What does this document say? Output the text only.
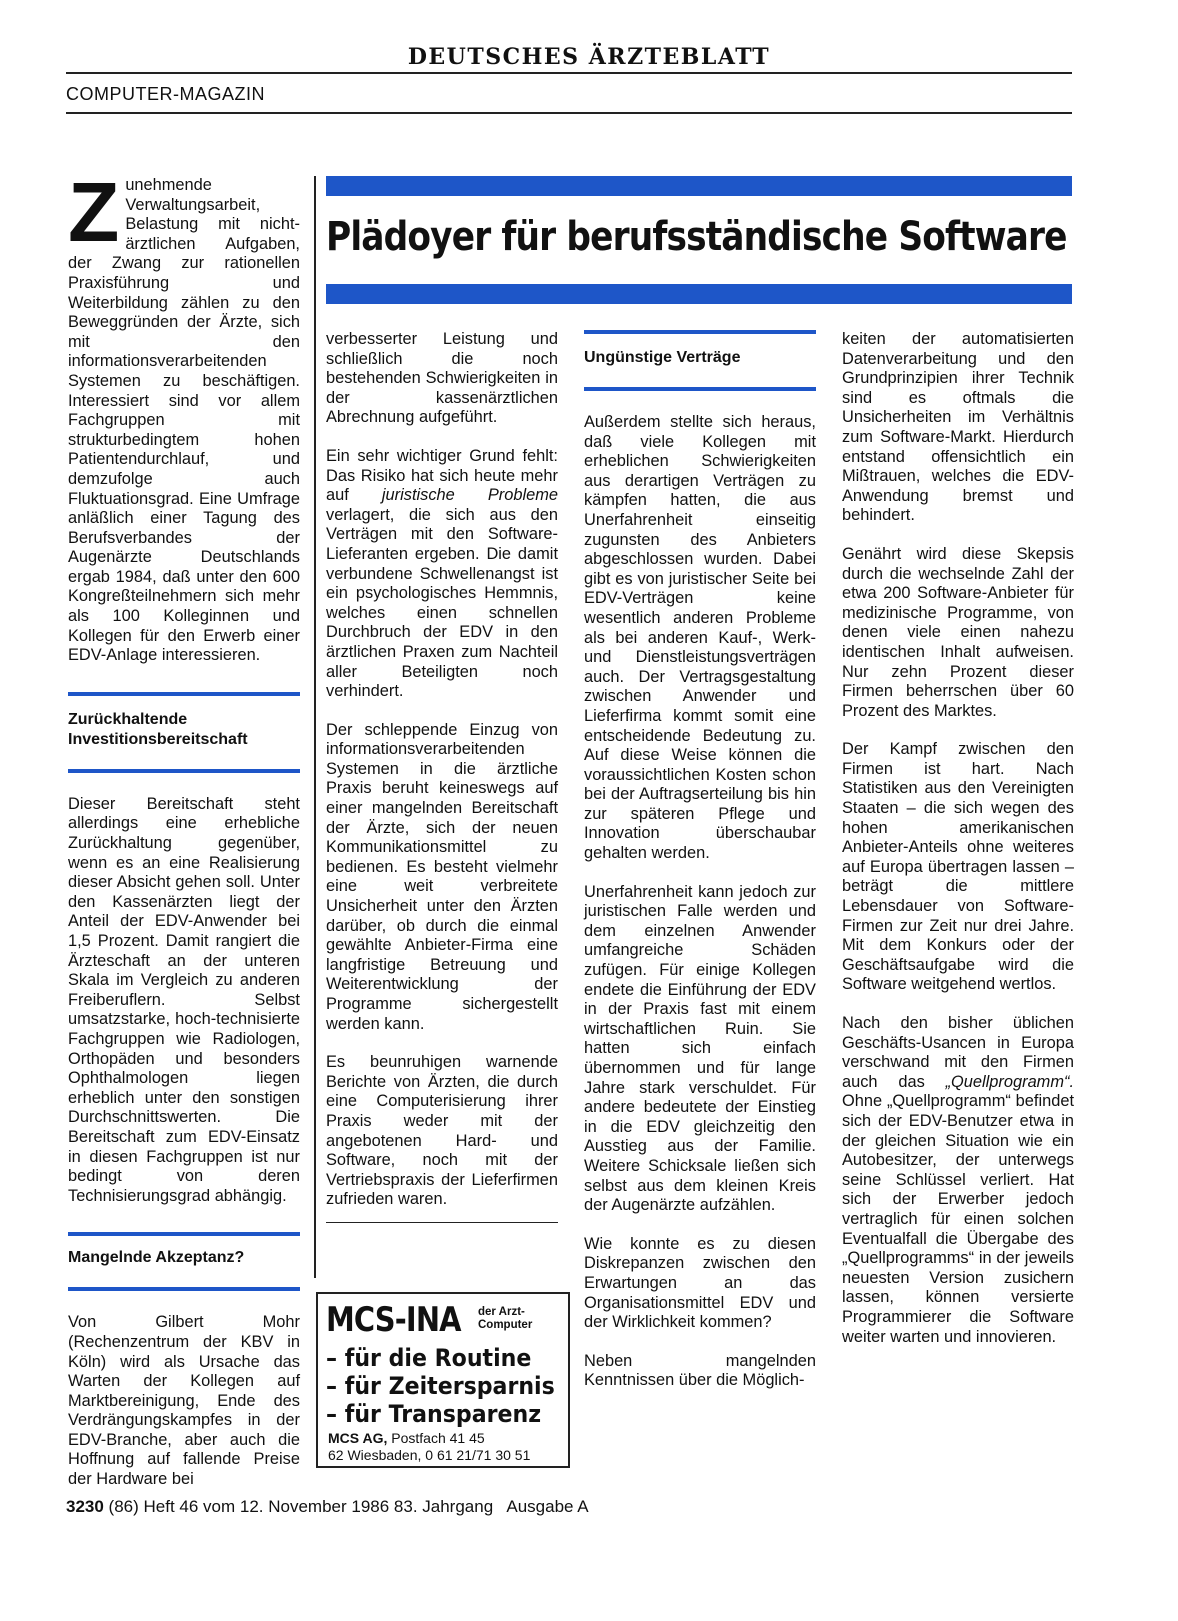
DEUTSCHES ÄRZTEBLATT
COMPUTER-MAGAZIN

Zunehmende Verwaltungsarbeit, Belastung mit nicht-ärztlichen Aufgaben, der Zwang zur rationellen Praxisführung und Weiterbildung zählen zu den Beweggründen der Ärzte, sich mit den informationsverarbeitenden Systemen zu beschäftigen. Interessiert sind vor allem Fachgruppen mit strukturbedingtem hohen Patientendurchlauf, und demzufolge auch Fluktuationsgrad. Eine Umfrage anläßlich einer Tagung des Berufsverbandes der Augenärzte Deutschlands ergab 1984, daß unter den 600 Kongreßteilnehmern sich mehr als 100 Kolleginnen und Kollegen für den Erwerb einer EDV-Anlage interessieren.

Zurückhaltende Investitionsbereitschaft

Dieser Bereitschaft steht allerdings eine erhebliche Zurückhaltung gegenüber, wenn es an eine Realisierung dieser Absicht gehen soll. Unter den Kassenärzten liegt der Anteil der EDV-Anwender bei 1,5 Prozent. Damit rangiert die Ärzteschaft an der unteren Skala im Vergleich zu anderen Freiberuflern. Selbst umsatzstarke, hoch-technisierte Fachgruppen wie Radiologen, Orthopäden und besonders Ophthalmologen liegen erheblich unter den sonstigen Durchschnittswerten. Die Bereitschaft zum EDV-Einsatz in diesen Fachgruppen ist nur bedingt von deren Technisierungsgrad abhängig.

Mangelnde Akzeptanz?

Von Gilbert Mohr (Rechenzentrum der KBV in Köln) wird als Ursache das Warten der Kollegen auf Marktbereinigung, Ende des Verdrängungskampfes in der EDV-Branche, aber auch die Hoffnung auf fallende Preise der Hardware bei

Plädoyer für berufsständische Software

verbesserter Leistung und schließlich die noch bestehenden Schwierigkeiten in der kassenärztlichen Abrechnung aufgeführt.

Ein sehr wichtiger Grund fehlt: Das Risiko hat sich heute mehr auf juristische Probleme verlagert, die sich aus den Verträgen mit den Software-Lieferanten ergeben. Die damit verbundene Schwellenangst ist ein psychologisches Hemmnis, welches einen schnellen Durchbruch der EDV in den ärztlichen Praxen zum Nachteil aller Beteiligten noch verhindert.

Der schleppende Einzug von informationsverarbeitenden Systemen in die ärztliche Praxis beruht keineswegs auf einer mangelnden Bereitschaft der Ärzte, sich der neuen Kommunikationsmittel zu bedienen. Es besteht vielmehr eine weit verbreitete Unsicherheit unter den Ärzten darüber, ob durch die einmal gewählte Anbieter-Firma eine langfristige Betreuung und Weiterentwicklung der Programme sichergestellt werden kann.

Es beunruhigen warnende Berichte von Ärzten, die durch eine Computerisierung ihrer Praxis weder mit der angebotenen Hard- und Software, noch mit der Vertriebspraxis der Lieferfirmen zufrieden waren.

MCS-INA der Arzt-
Computer
– für die Routine
– für Zeitersparnis
– für Transparenz
MCS AG, Postfach 41 45
62 Wiesbaden, 0 61 21/71 30 51

Ungünstige Verträge

Außerdem stellte sich heraus, daß viele Kollegen mit erheblichen Schwierigkeiten aus derartigen Verträgen zu kämpfen hatten, die aus Unerfahrenheit einseitig zugunsten des Anbieters abgeschlossen wurden. Dabei gibt es von juristischer Seite bei EDV-Verträgen keine wesentlich anderen Probleme als bei anderen Kauf-, Werk- und Dienstleistungsverträgen auch. Der Vertragsgestaltung zwischen Anwender und Lieferfirma kommt somit eine entscheidende Bedeutung zu. Auf diese Weise können die voraussichtlichen Kosten schon bei der Auftragserteilung bis hin zur späteren Pflege und Innovation überschaubar gehalten werden.

Unerfahrenheit kann jedoch zur juristischen Falle werden und dem einzelnen Anwender umfangreiche Schäden zufügen. Für einige Kollegen endete die Einführung der EDV in der Praxis fast mit einem wirtschaftlichen Ruin. Sie hatten sich einfach übernommen und für lange Jahre stark verschuldet. Für andere bedeutete der Einstieg in die EDV gleichzeitig den Ausstieg aus der Familie. Weitere Schicksale ließen sich selbst aus dem kleinen Kreis der Augenärzte aufzählen.

Wie konnte es zu diesen Diskrepanzen zwischen den Erwartungen an das Organisationsmittel EDV und der Wirklichkeit kommen?

Neben mangelnden Kenntnissen über die Möglich-

keiten der automatisierten Datenverarbeitung und den Grundprinzipien ihrer Technik sind es oftmals die Unsicherheiten im Verhältnis zum Software-Markt. Hierdurch entstand offensichtlich ein Mißtrauen, welches die EDV-Anwendung bremst und behindert.

Genährt wird diese Skepsis durch die wechselnde Zahl der etwa 200 Software-Anbieter für medizinische Programme, von denen viele einen nahezu identischen Inhalt aufweisen. Nur zehn Prozent dieser Firmen beherrschen über 60 Prozent des Marktes.

Der Kampf zwischen den Firmen ist hart. Nach Statistiken aus den Vereinigten Staaten – die sich wegen des hohen amerikanischen Anbieter-Anteils ohne weiteres auf Europa übertragen lassen – beträgt die mittlere Lebensdauer von Software-Firmen zur Zeit nur drei Jahre. Mit dem Konkurs oder der Geschäftsaufgabe wird die Software weitgehend wertlos.

Nach den bisher üblichen Geschäfts-Usancen in Europa verschwand mit den Firmen auch das „Quellprogramm“. Ohne „Quellprogramm“ befindet sich der EDV-Benutzer etwa in der gleichen Situation wie ein Autobesitzer, der unterwegs seine Schlüssel verliert. Hat sich der Erwerber jedoch vertraglich für einen solchen Eventualfall die Übergabe des „Quellprogramms“ in der jeweils neuesten Version zusichern lassen, können versierte Programmierer die Software weiter warten und innovieren.

3230 (86) Heft 46 vom 12. November 1986 83. Jahrgang   Ausgabe A
